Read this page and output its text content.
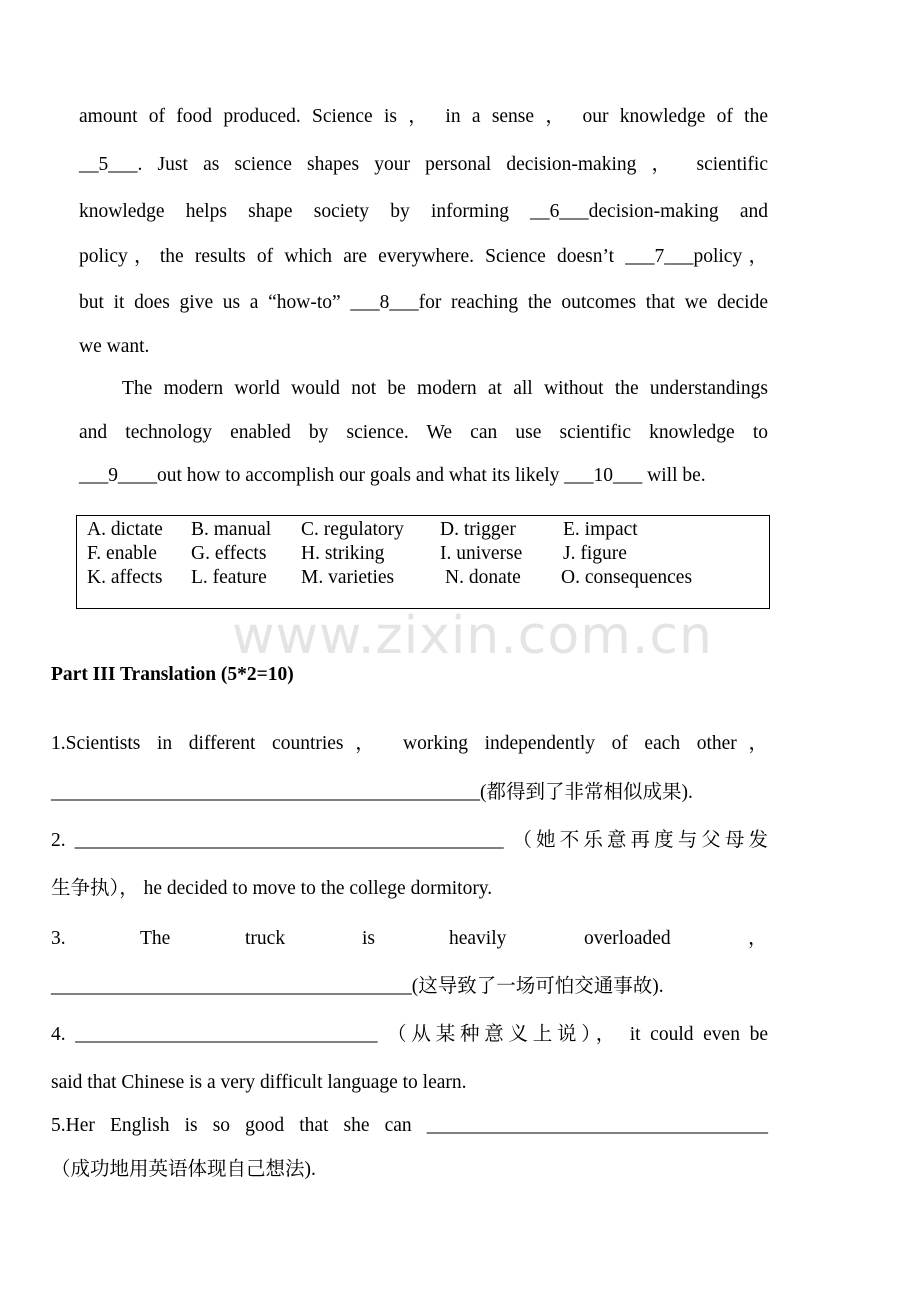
amount of food produced. Science is ， in a sense ， our knowledge of the
__5___. Just as science shapes your personal decision-making ， scientific
knowledge helps shape society by informing __6___decision-making and
policy，the results of which are everywhere. Science doesn’t ___7___policy，
but it does give us a “how-to” ___8___for reaching the outcomes that we decide
we want.
The modern world would not be modern at all without the understandings
and technology enabled by science. We can use scientific knowledge to
___9____out how to accomplish our goals and what its likely ___10___ will be.
A. dictate B. manual C. regulatory D. trigger E. impact
F. enable G. effects H. striking	I. universe J. figure
K. affects L. feature M. varieties	N. donate O. consequences
www.zixin.com.cn
Part III Translation (5*2=10)
1.Scientists in different countries， working independently of each other，
____________________________________________(都得到了非常相似成果).
2. ____________________________________________ （她不乐意再度与父母发
生争执）， he decided to move to the college dormitory.
3.	The	truck	is	heavily	overloaded	，
_____________________________________(这导致了一场可怕交通事故).
4. _______________________________ （从某种意义上说）， it could even be
said that Chinese is a very difficult language to learn.
5.Her English is so good that she can ___________________________________
（成功地用英语体现自己想法).
